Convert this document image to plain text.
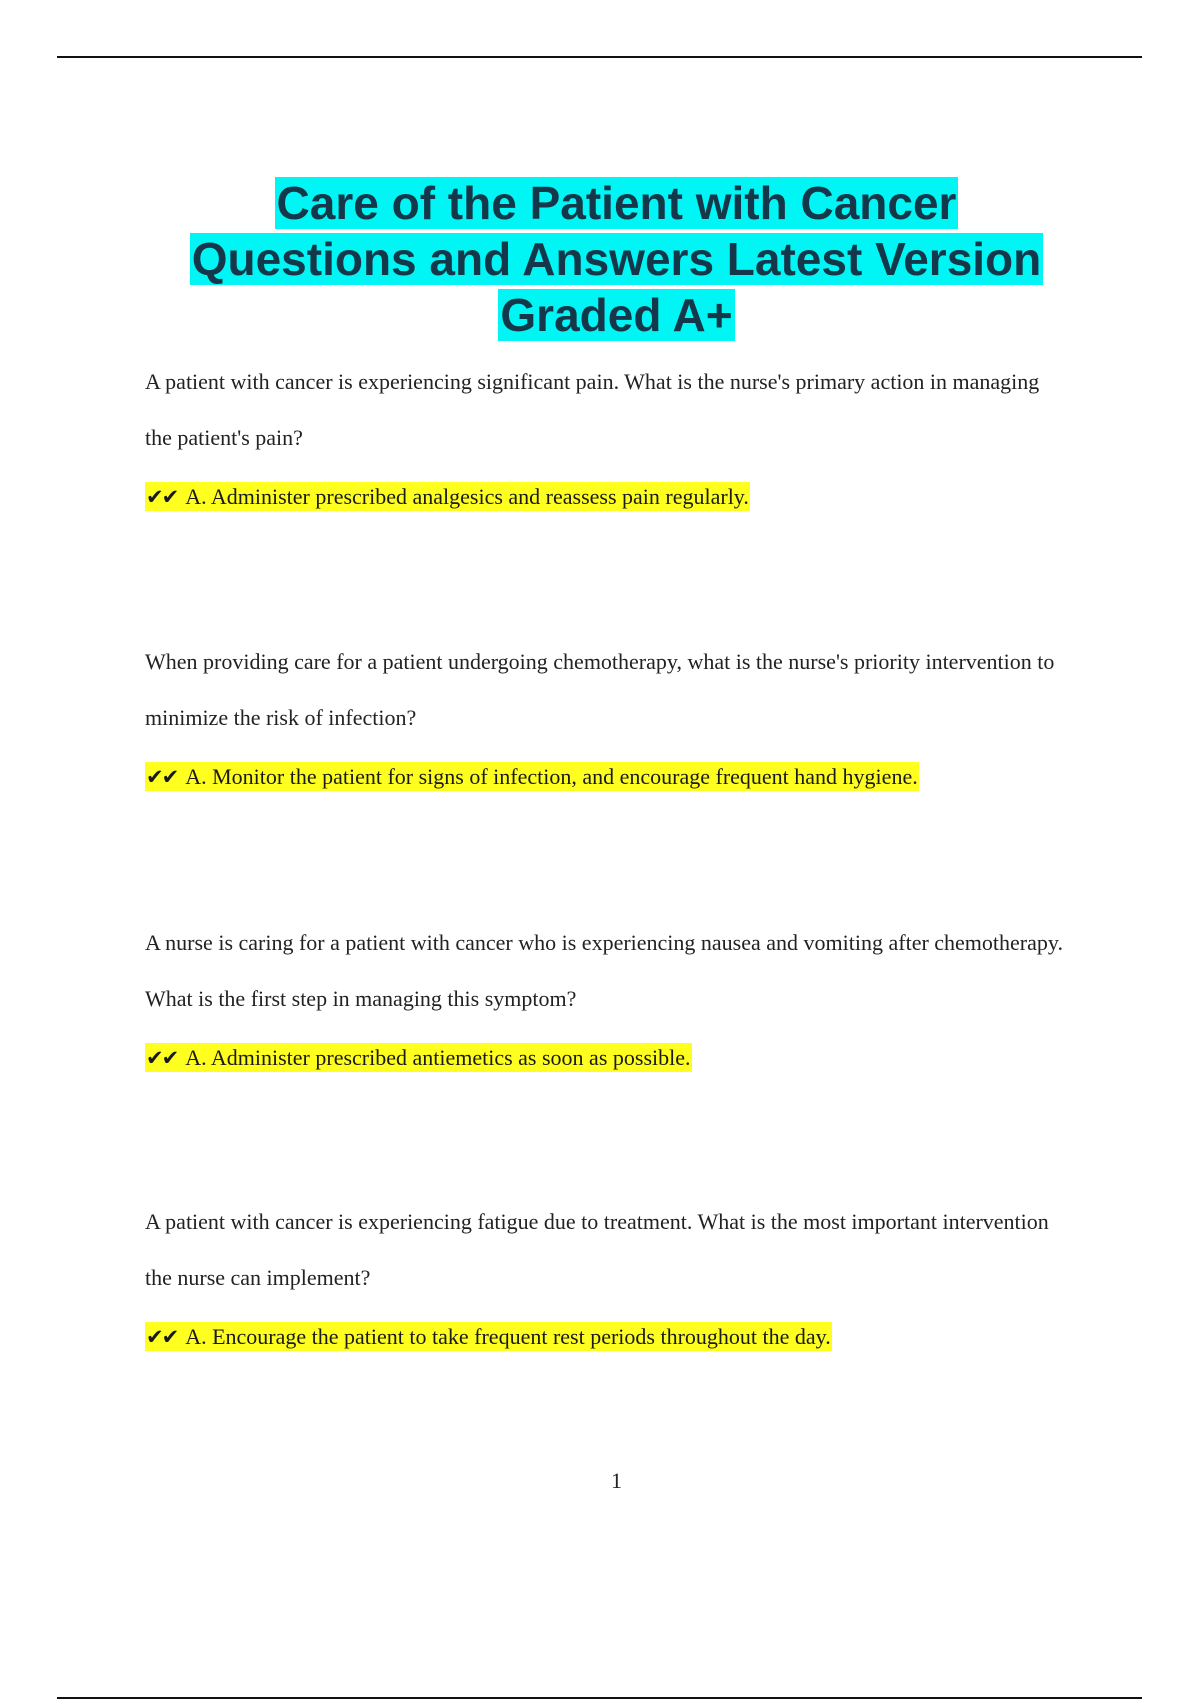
Care of the Patient with Cancer
Questions and Answers Latest Version
Graded A+

A patient with cancer is experiencing significant pain. What is the nurse's primary action in managing the patient's pain?

✔✔ A. Administer prescribed analgesics and reassess pain regularly.

When providing care for a patient undergoing chemotherapy, what is the nurse's priority intervention to minimize the risk of infection?

✔✔ A. Monitor the patient for signs of infection, and encourage frequent hand hygiene.

A nurse is caring for a patient with cancer who is experiencing nausea and vomiting after chemotherapy. What is the first step in managing this symptom?

✔✔ A. Administer prescribed antiemetics as soon as possible.

A patient with cancer is experiencing fatigue due to treatment. What is the most important intervention the nurse can implement?

✔✔ A. Encourage the patient to take frequent rest periods throughout the day.

1
